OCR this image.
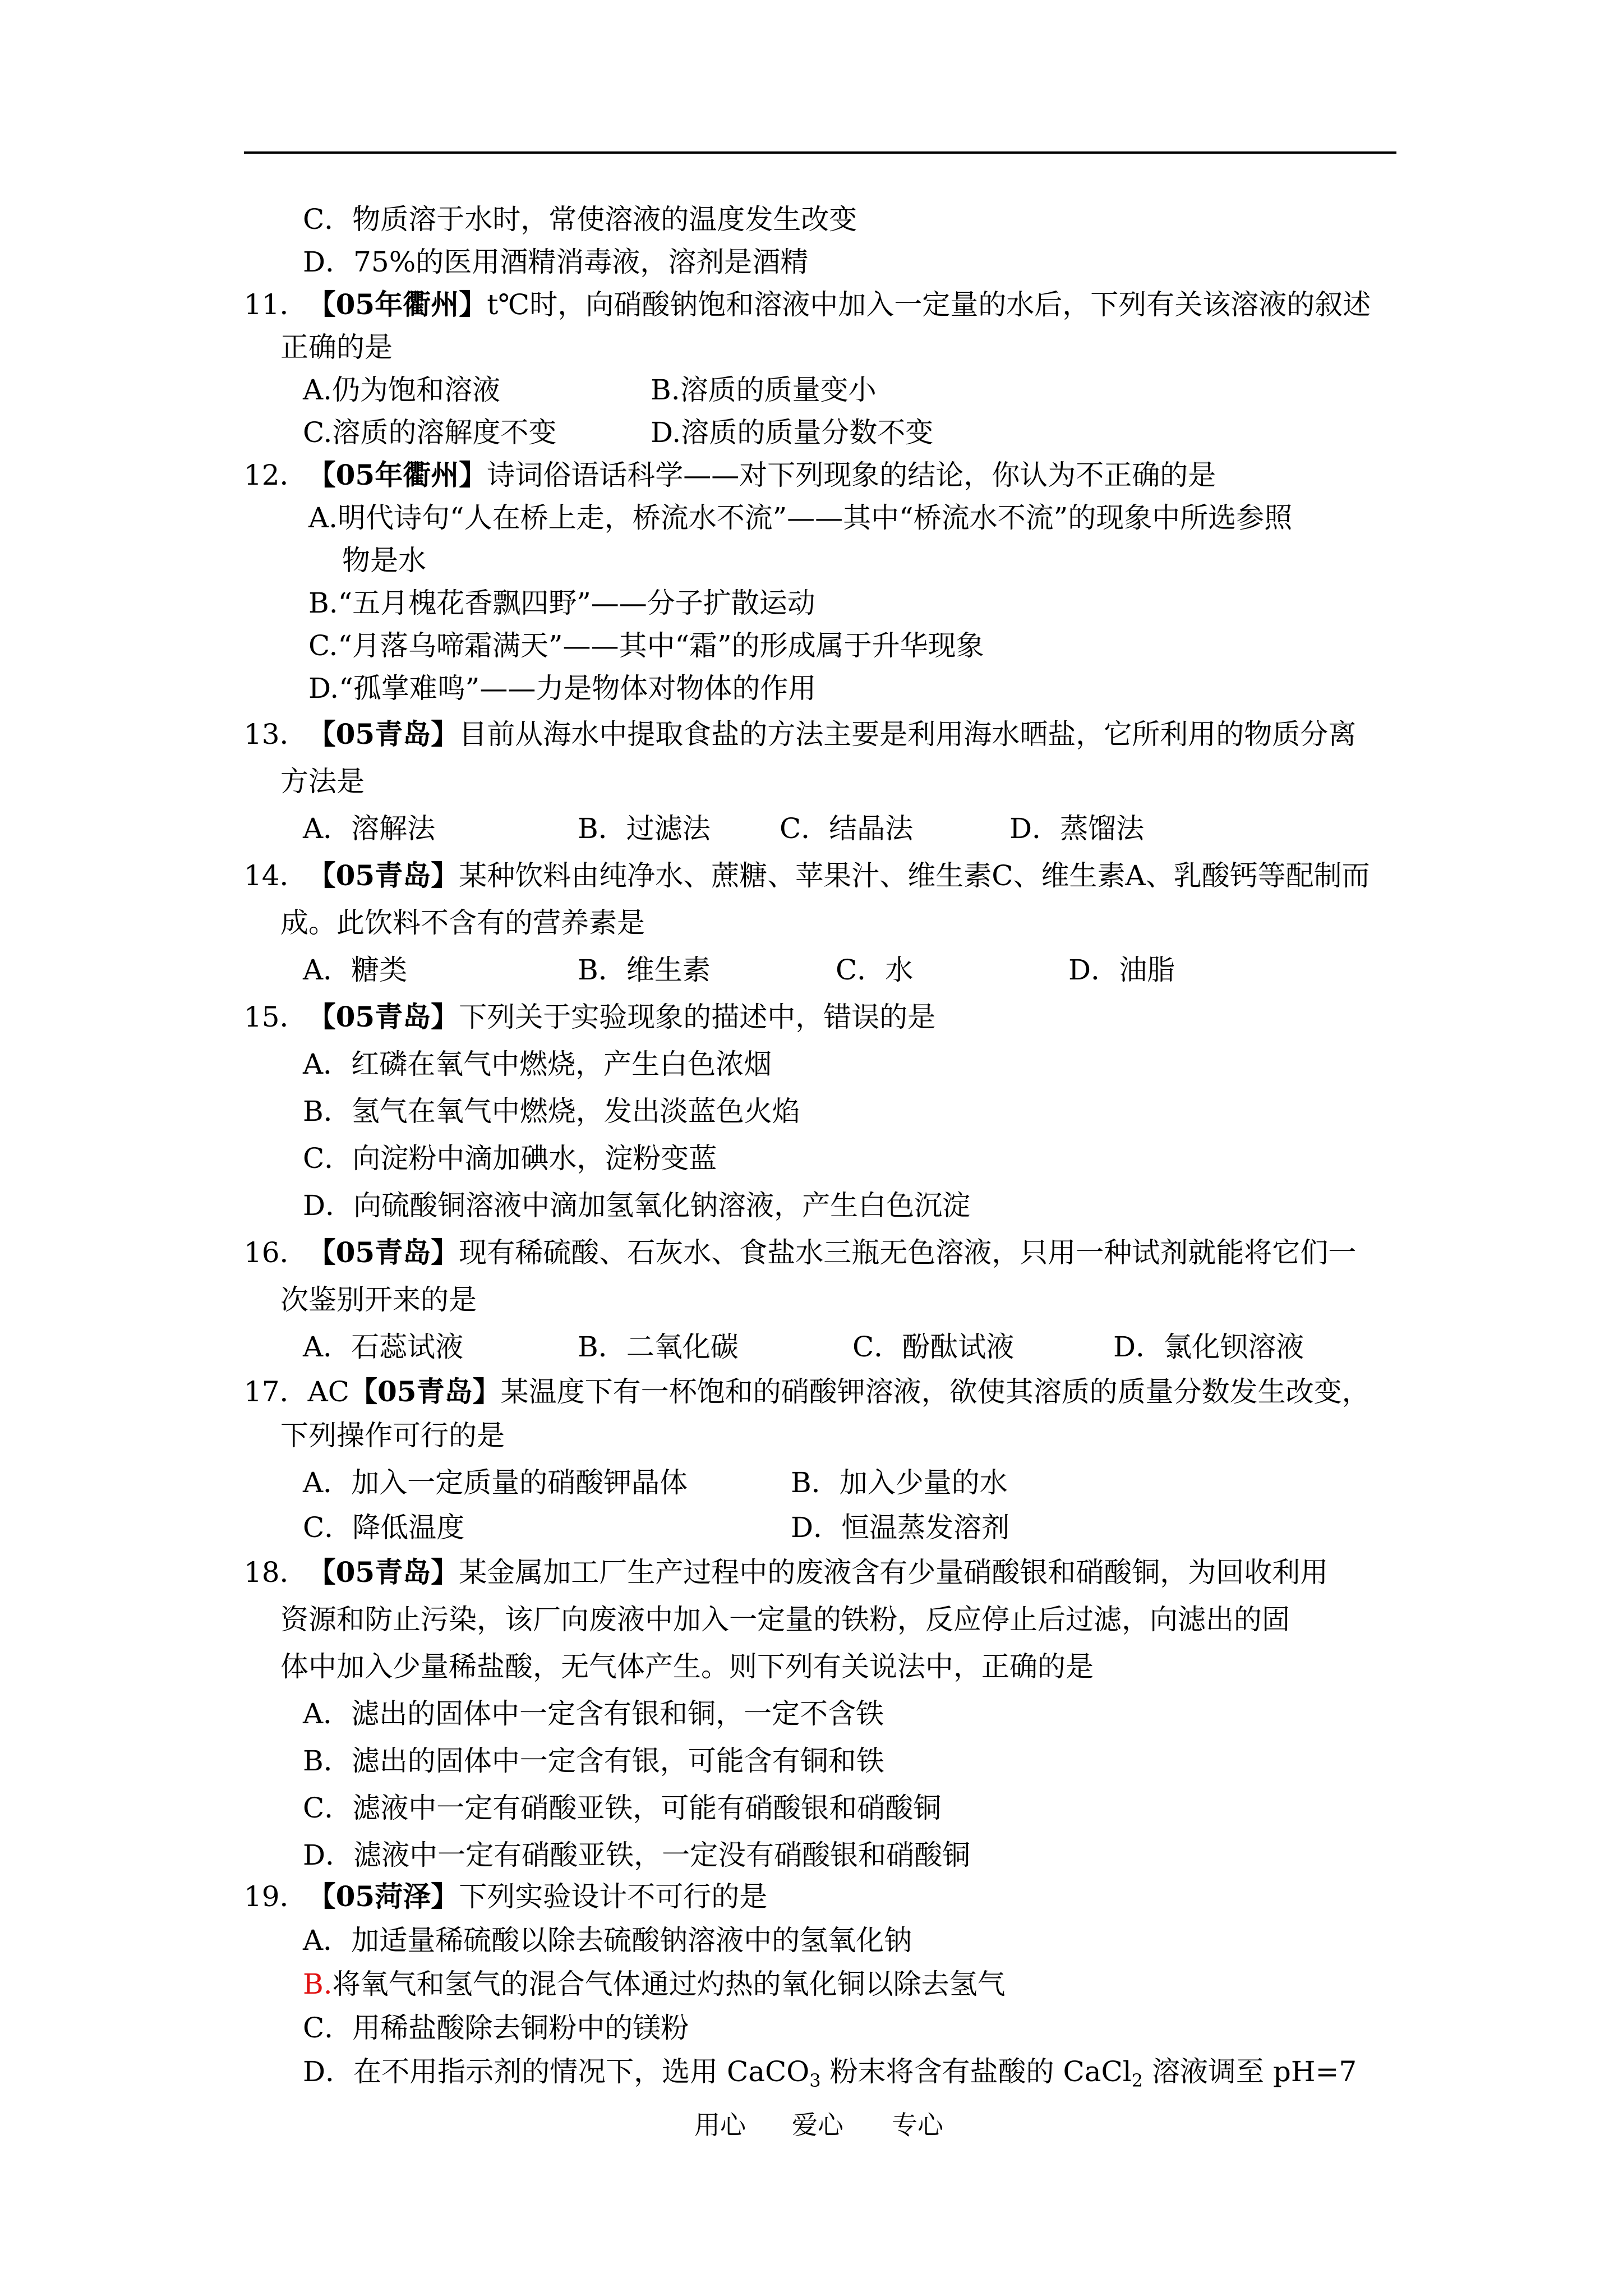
C．物质溶于水时，常使溶液的温度发生改变
D．75%的医用酒精消毒液，溶剂是酒精
11．【05年衢州】t℃时，向硝酸钠饱和溶液中加入一定量的水后，下列有关该溶液的叙述
正确的是
A.仍为饱和溶液	B.溶质的质量变小
C.溶质的溶解度不变	D.溶质的质量分数不变
12．【05年衢州】诗词俗语话科学——对下列现象的结论，你认为不正确的是
A.明代诗句“人在桥上走，桥流水不流”——其中“桥流水不流”的现象中所选参照
物是水
B.“五月槐花香飘四野”——分子扩散运动
C.“月落乌啼霜满天”——其中“霜”的形成属于升华现象
D.“孤掌难鸣”——力是物体对物体的作用
13．【05青岛】目前从海水中提取食盐的方法主要是利用海水晒盐，它所利用的物质分离
方法是
A．溶解法	B．过滤法 C．结晶法	D．蒸馏法
14．【05青岛】某种饮料由纯净水、蔗糖、苹果汁、维生素C、维生素A、乳酸钙等配制而
成。此饮料不含有的营养素是
A．糖类	B．维生素	C．水	D．油脂
15．【05青岛】下列关于实验现象的描述中，错误的是
A．红磷在氧气中燃烧，产生白色浓烟
B．氢气在氧气中燃烧，发出淡蓝色火焰
C．向淀粉中滴加碘水，淀粉变蓝
D．向硫酸铜溶液中滴加氢氧化钠溶液，产生白色沉淀
16．【05青岛】现有稀硫酸、石灰水、食盐水三瓶无色溶液，只用一种试剂就能将它们一
次鉴别开来的是
A．石蕊试液	B．二氧化碳	C．酚酞试液	D．氯化钡溶液
17．AC【05青岛】某温度下有一杯饱和的硝酸钾溶液，欲使其溶质的质量分数发生改变，
下列操作可行的是
A．加入一定质量的硝酸钾晶体	B．加入少量的水
C．降低温度	D．恒温蒸发溶剂
18．【05青岛】某金属加工厂生产过程中的废液含有少量硝酸银和硝酸铜，为回收利用
资源和防止污染，该厂向废液中加入一定量的铁粉，反应停止后过滤，向滤出的固
体中加入少量稀盐酸，无气体产生。则下列有关说法中，正确的是
A．滤出的固体中一定含有银和铜，一定不含铁
B．滤出的固体中一定含有银，可能含有铜和铁
C．滤液中一定有硝酸亚铁，可能有硝酸银和硝酸铜
D．滤液中一定有硝酸亚铁，一定没有硝酸银和硝酸铜
19．【05菏泽】下列实验设计不可行的是
A．加适量稀硫酸以除去硫酸钠溶液中的氢氧化钠
B.将氧气和氢气的混合气体通过灼热的氧化铜以除去氢气
C．用稀盐酸除去铜粉中的镁粉
D．在不用指示剂的情况下，选用 CaCO$_3$ 粉末将含有盐酸的 CaCl$_2$ 溶液调至 pH=7
用心 爱心 专心
